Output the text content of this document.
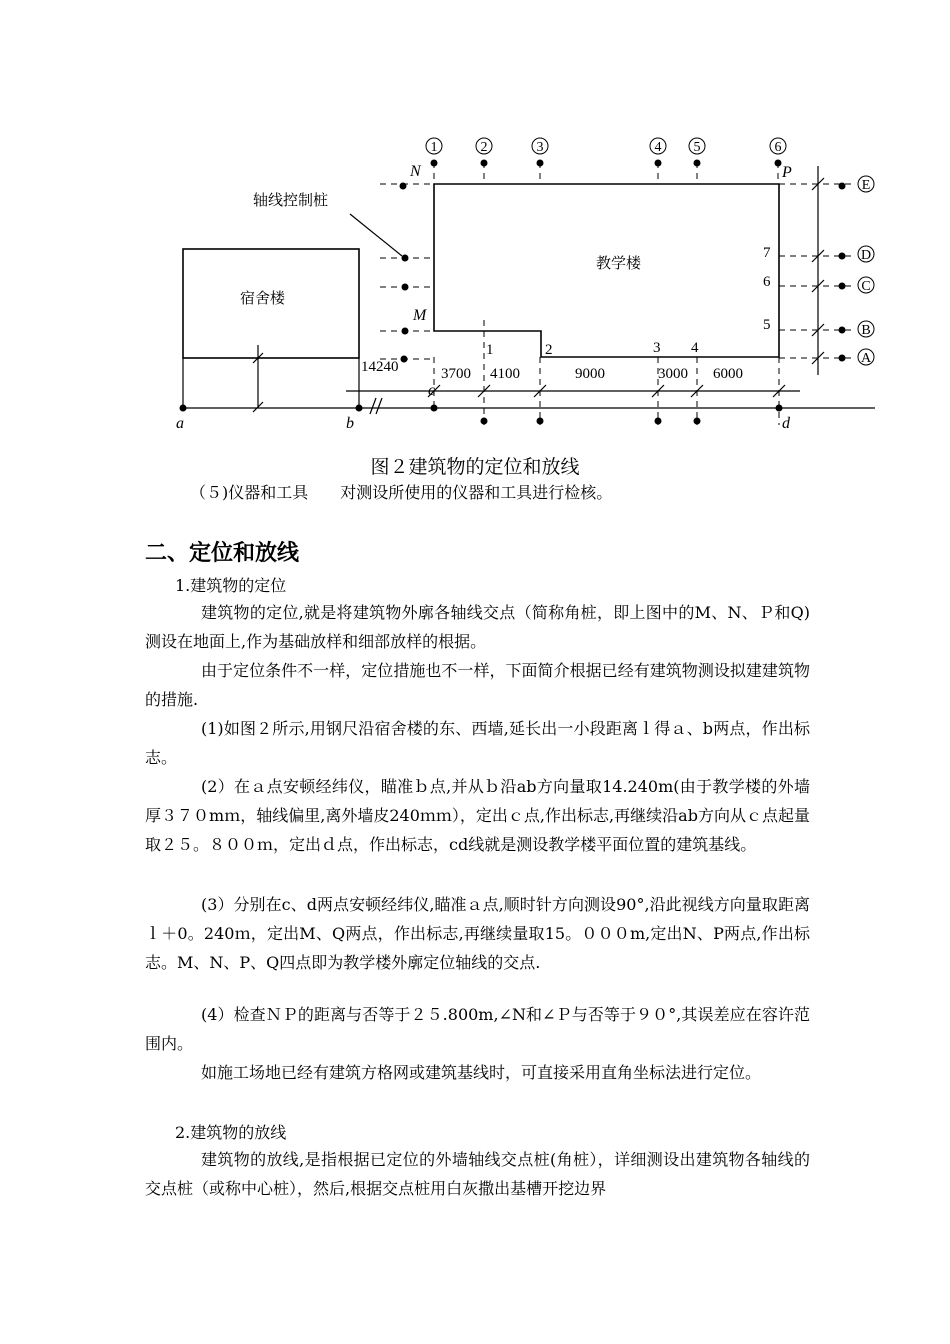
1	2	3	4 5	6
E
D
C
B
A
N	P
M
a	b
c
d
教学楼
宿舍楼
轴线控制桩
1	2	3 4
7
6
5
14240	3700 4100	9000	3000 6000
图２建筑物的定位和放线

（５)仪器和工具　　对测设所使用的仪器和工具进行检核。

二、定位和放线
1.建筑物的定位

建筑物的定位,就是将建筑物外廓各轴线交点（简称角桩，即上图中的M、N、Ｐ和Q)测设在地面上,作为基础放样和细部放样的根据。

由于定位条件不一样，定位措施也不一样，下面简介根据已经有建筑物测设拟建建筑物的措施.

(1)如图２所示,用钢尺沿宿舍楼的东、西墙,延长出一小段距离ｌ得ａ、b两点，作出标志。

(2）在ａ点安顿经纬仪，瞄准ｂ点,并从ｂ沿ab方向量取14.240m(由于教学楼的外墙厚３７０mｍ，轴线偏里,离外墙皮240ｍｍ），定出ｃ点,作出标志,再继续沿ab方向从ｃ点起量取２５。８００ｍ，定出ｄ点，作出标志，cd线就是测设教学楼平面位置的建筑基线。

(3）分别在c、d两点安顿经纬仪,瞄准ａ点,顺时针方向测设90°,沿此视线方向量取距离ｌ＋0。240ｍ，定出M、Q两点，作出标志,再继续量取15。０００m,定出N、P两点,作出标志。M、N、P、Q四点即为教学楼外廓定位轴线的交点.

(4）检查ＮＰ的距离与否等于２５.800m,∠N和∠Ｐ与否等于９０°,其误差应在容许范围内。

如施工场地已经有建筑方格网或建筑基线时，可直接采用直角坐标法进行定位。

2.建筑物的放线

建筑物的放线,是指根据已定位的外墙轴线交点桩(角桩），详细测设出建筑物各轴线的交点桩（或称中心桩），然后,根据交点桩用白灰撒出基槽开挖边界
